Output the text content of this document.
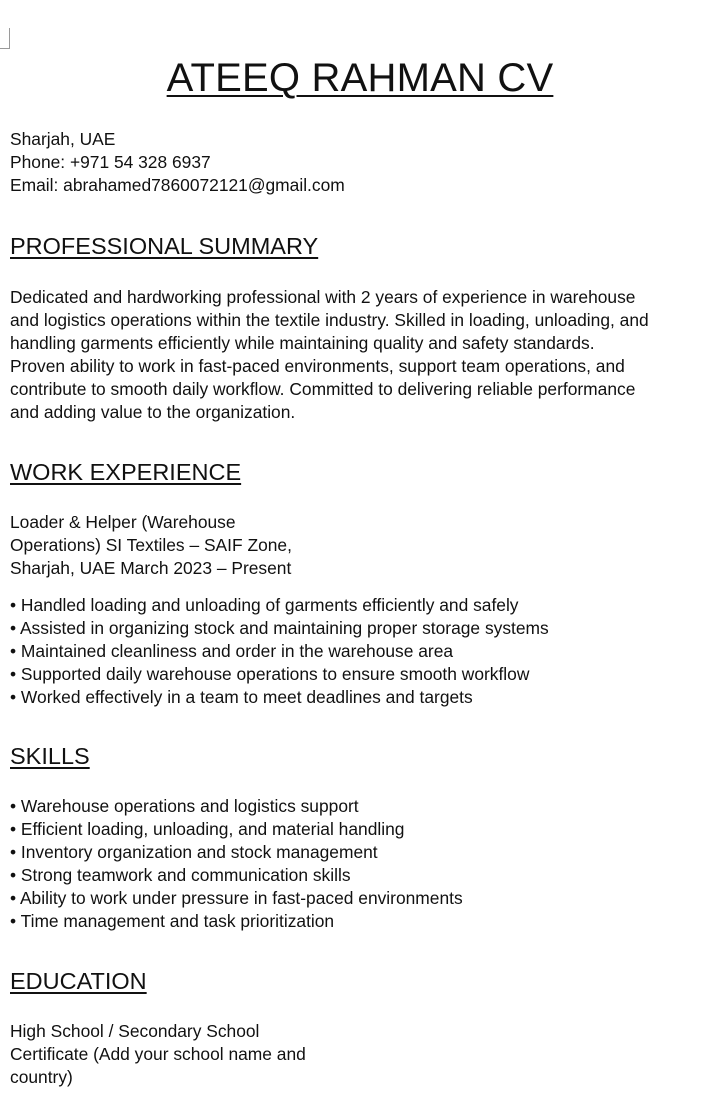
ATEEQ RAHMAN CV
Sharjah, UAE
Phone: +971 54 328 6937
Email: abrahamed7860072121@gmail.com
PROFESSIONAL SUMMARY
Dedicated and hardworking professional with 2 years of experience in warehouse
and logistics operations within the textile industry. Skilled in loading, unloading, and
handling garments efficiently while maintaining quality and safety standards.
Proven ability to work in fast-paced environments, support team operations, and
contribute to smooth daily workflow. Committed to delivering reliable performance
and adding value to the organization.
WORK EXPERIENCE
Loader & Helper (Warehouse
Operations) SI Textiles – SAIF Zone,
Sharjah, UAE March 2023 – Present
• Handled loading and unloading of garments efficiently and safely
• Assisted in organizing stock and maintaining proper storage systems
• Maintained cleanliness and order in the warehouse area
• Supported daily warehouse operations to ensure smooth workflow
• Worked effectively in a team to meet deadlines and targets
SKILLS
• Warehouse operations and logistics support
• Efficient loading, unloading, and material handling
• Inventory organization and stock management
• Strong teamwork and communication skills
• Ability to work under pressure in fast-paced environments
• Time management and task prioritization
EDUCATION
High School / Secondary School
Certificate (Add your school name and
country)
